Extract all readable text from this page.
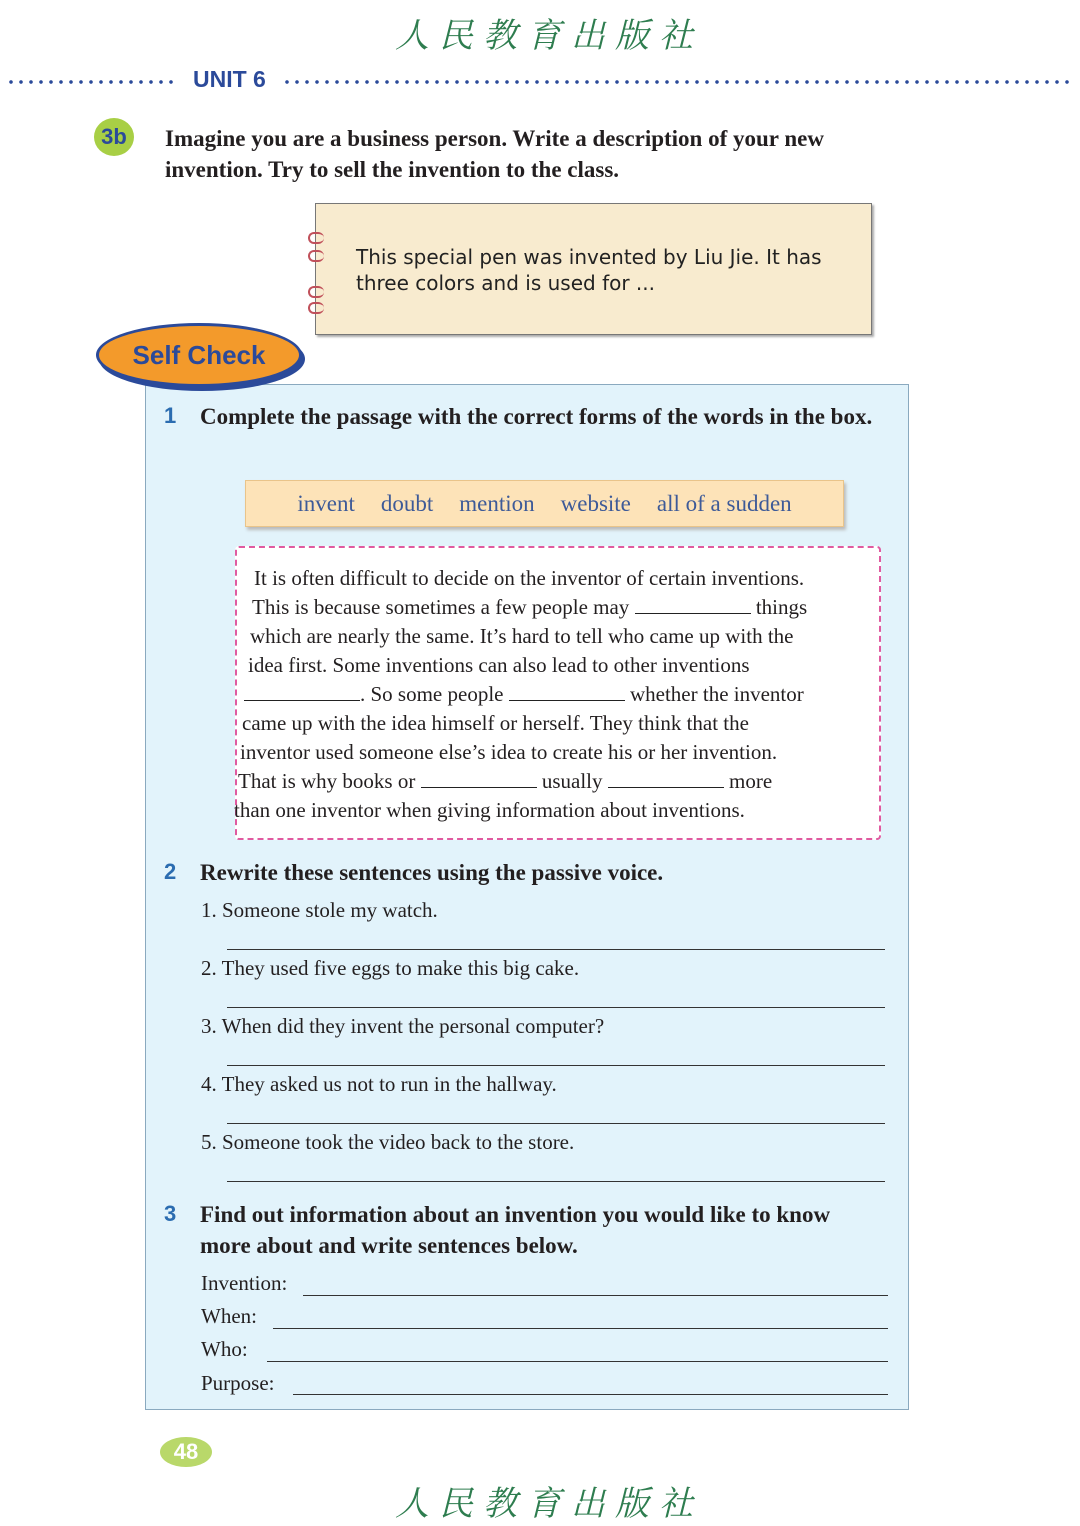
人民教育出版社
UNIT 6
3b	Imagine you are a business person. Write a description of your new invention. Try to sell the invention to the class.
This special pen was invented by Liu Jie. It has three colors and is used for ...
Self Check
1 Complete the passage with the correct forms of the words in the box.
invent doubt mention website all of a sudden
It is often difficult to decide on the inventor of certain inventions.
This is because sometimes a few people may	things
which are nearly the same. It’s hard to tell who came up with the
idea first. Some inventions can also lead to other inventions
. So some people	whether the inventor
came up with the idea himself or herself. They think that the
inventor used someone else’s idea to create his or her invention.
That is why books or	usually	more
than one inventor when giving information about inventions.
2 Rewrite these sentences using the passive voice.
1. Someone stole my watch.
2. They used five eggs to make this big cake.
3. When did they invent the personal computer?
4. They asked us not to run in the hallway.
5. Someone took the video back to the store.
3 Find out information about an invention you would like to know more about and write sentences below.
Invention:
When:
Who:
Purpose:
48
人民教育出版社
